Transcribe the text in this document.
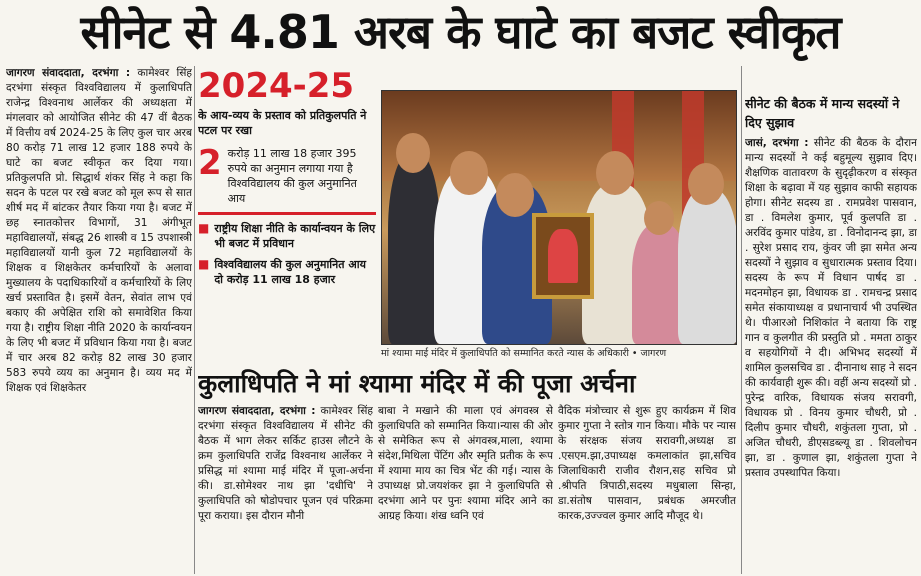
सीनेट से 4.81 अरब के घाटे का बजट स्वीकृत

जागरण संवाददाता, दरभंगा : कामेश्वर सिंह दरभंगा संस्कृत विश्वविद्यालय में कुलाधिपति राजेन्द्र विश्वनाथ आर्लेकर की अध्यक्षता में मंगलवार को आयोजित सीनेट की 47 वीं बैठक में वित्तीय वर्ष 2024-25 के लिए कुल चार अरब 80 करोड़ 71 लाख 12 हजार 188 रुपये के घाटे का बजट स्वीकृत कर दिया गया। प्रतिकुलपति प्रो. सिद्धार्थ शंकर सिंह ने कहा कि सदन के पटल पर रखे बजट को मूल रूप से सात शीर्ष मद में बांटकर तैयार किया गया है। बजट में छह स्नातकोत्तर विभागों, 31 अंगीभूत महाविद्यालयों, संबद्ध 26 शास्त्री व 15 उपशास्त्री महाविद्यालयों यानी कुल 72 महाविद्यालयों के शिक्षक व शिक्षकेतर कर्मचारियों के अलावा मुख्यालय के पदाधिकारियों व कर्मचारियों के लिए खर्च प्रस्तावित है। इसमें वेतन, सेवांत लाभ एवं बकाए की अपेक्षित राशि को समावेशित किया गया है। राष्ट्रीय शिक्षा नीति 2020 के कार्यान्वयन के लिए भी बजट में प्रविधान किया गया है। बजट में चार अरब 82 करोड़ 82 लाख 30 हजार 583 रुपये व्यय का अनुमान है। व्यय मद में शिक्षक एवं शिक्षकेतर

2024-25
के आय-व्यय के प्रस्ताव को प्रतिकुलपति ने पटल पर रखा
2 करोड़ 11 लाख 18 हजार 395 रुपये का अनुमान लगाया गया है विश्वविद्यालय की कुल अनुमानित आय
■ राष्ट्रीय शिक्षा नीति के कार्यान्वयन के लिए भी बजट में प्रविधान
■ विश्वविद्यालय की कुल अनुमानित आय दो करोड़ 11 लाख 18 हजार
मां श्यामा माई मंदिर में कुलाधिपति को सम्मानित करते न्यास के अधिकारी • जागरण
कुलाधिपति ने मां श्यामा मंदिर में की पूजा अर्चना

जागरण संवाददाता, दरभंगा : कामेश्वर सिंह दरभंगा संस्कृत विश्वविद्यालय में सीनेट की बैठक में भाग लेकर सर्किट हाउस लौटने के क्रम कुलाधिपति राजेंद्र विश्वनाथ आर्लेकर ने प्रसिद्ध मां श्यामा माई मंदिर में पूजा-अर्चना की। डा.सोमेश्वर नाथ झा 'दधीचि' ने कुलाधिपति को षोडोपचार पूजन एवं परिक्रमा पूरा कराया। इस दौरान मौनी

बाबा ने मखाने की माला एवं अंगवस्त्र से कुलाधिपति को सम्मानित किया।न्यास की ओर से समेकित रूप से अंगवस्त्र,माला, श्यामा संदेश,मिथिला पेंटिंग और स्मृति प्रतीक के रूप में श्यामा माय का चित्र भेंट की गई। न्यास के उपाध्यक्ष प्रो.जयशंकर झा ने कुलाधिपति से दरभंगा आने पर पुनः श्यामा मंदिर आने का आग्रह किया। शंख ध्वनि एवं

वैदिक मंत्रोच्चार से शुरू हुए कार्यक्रम में शिव कुमार गुप्ता ने स्तोत्र गान किया। मौके पर न्यास के संरक्षक संजय सरावगी,अध्यक्ष डा .एसएम.झा,उपाध्यक्ष कमलाकांत झा,सचिव जिलाधिकारी राजीव रौशन,सह सचिव प्रो .श्रीपति त्रिपाठी,सदस्य मधुबाला सिन्हा, डा.संतोष पासवान, प्रबंधक अमरजीत कारक,उज्ज्वल कुमार आदि मौजूद थे।

सीनेट की बैठक में मान्य सदस्यों ने दिए सुझाव

जासं, दरभंगा : सीनेट की बैठक के दौरान मान्य सदस्यों ने कई बहुमूल्य सुझाव दिए। शैक्षणिक वातावरण के सुदृढ़ीकरण व संस्कृत शिक्षा के बढ़ावा में यह सुझाव काफी सहायक होगा। सीनेट सदस्य डा . रामप्रवेश पासवान, डा . विमलेश कुमार, पूर्व कुलपति डा . अरविंद कुमार पांडेय, डा . विनोदानन्द झा, डा . सुरेश प्रसाद राय, कुंवर जी झा समेत अन्य सदस्यों ने सुझाव व सुधारात्मक प्रस्ताव दिया। सदस्य के रूप में विधान पार्षद डा . मदनमोहन झा, विधायक डा . रामचन्द्र प्रसाद समेत संकायाध्यक्ष व प्रधानाचार्य भी उपस्थित थे। पीआरओ निशिकांत ने बताया कि राष्ट्र गान व कुलगीत की प्रस्तुति प्रो . ममता ठाकुर व सहयोगियों ने दी। अभिभद सदस्यों में शामिल कुलसचिव डा . दीनानाथ साह ने सदन की कार्यवाही शुरू की। वहीं अन्य सदस्यों प्रो . पुरेन्द्र वारिक, विधायक संजय सरावगी, विधायक प्रो . विनय कुमार चौधरी, प्रो . दिलीप कुमार चौधरी, शकुंतला गुप्ता, प्रो . अजित चौधरी, डीएसडब्ल्यू डा . शिवलोचन झा, डा . कुणाल झा, शकुंतला गुप्ता ने प्रस्ताव उपस्थापित किया।
